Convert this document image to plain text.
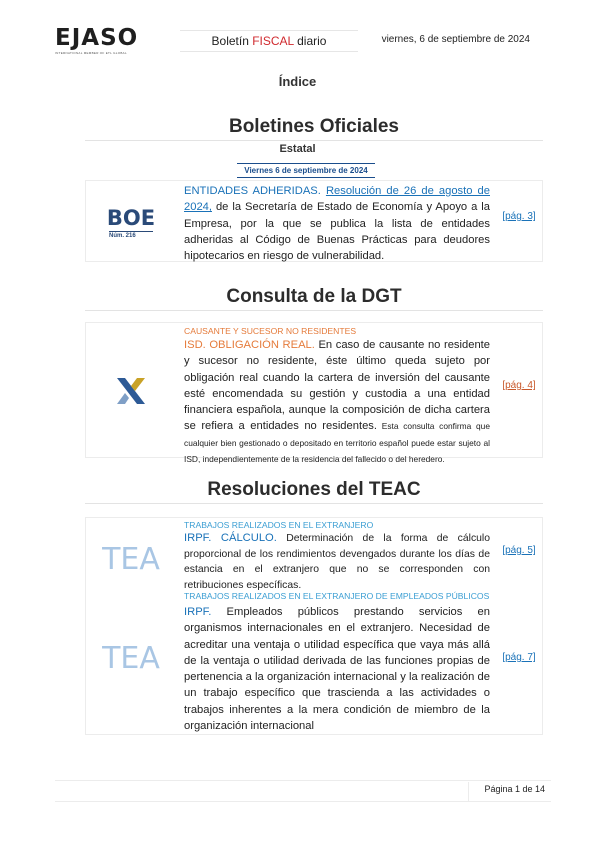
EJASO
INTERNATIONAL MEMBER OF ETL GLOBAL
Boletín FISCAL diario	viernes, 6 de septiembre de 2024
Índice
Boletines Oficiales
Estatal
Viernes 6 de septiembre de 2024
BOE
Núm. 216
ENTIDADES ADHERIDAS. Resolución de 26 de agosto de 2024, de la Secretaría de Estado de Economía y Apoyo a la Empresa, por la que se publica la lista de entidades adheridas al Código de Buenas Prácticas para deudores hipotecarios en riesgo de vulnerabilidad.
[pág. 3]
Consulta de la DGT
CAUSANTE Y SUCESOR NO RESIDENTES
ISD. OBLIGACIÓN REAL. En caso de causante no residente y sucesor no residente, éste último queda sujeto por obligación real cuando la cartera de inversión del causante esté encomendada su gestión y custodia a una entidad financiera española, aunque la composición de dicha cartera se refiera a entidades no residentes. Esta consulta confirma que cualquier bien gestionado o depositado en territorio español puede estar sujeto al ISD, independientemente de la residencia del fallecido o del heredero.
[pág. 4]
Resoluciones del TEAC
TEA
TRABAJOS REALIZADOS EN EL EXTRANJERO
IRPF. CÁLCULO. Determinación de la forma de cálculo proporcional de los rendimientos devengados durante los días de estancia en el extranjero que no se corresponden con retribuciones específicas.
[pág. 5]
TEA
TRABAJOS REALIZADOS EN EL EXTRANJERO DE EMPLEADOS PÚBLICOS
IRPF. Empleados públicos prestando servicios en organismos internacionales en el extranjero. Necesidad de acreditar una ventaja o utilidad específica que vaya más allá de la ventaja o utilidad derivada de las funciones propias de pertenencia a la organización internacional y la realización de un trabajo específico que trascienda a las actividades o trabajos inherentes a la mera condición de miembro de la organización internacional
[pág. 7]
Página 1 de 14
